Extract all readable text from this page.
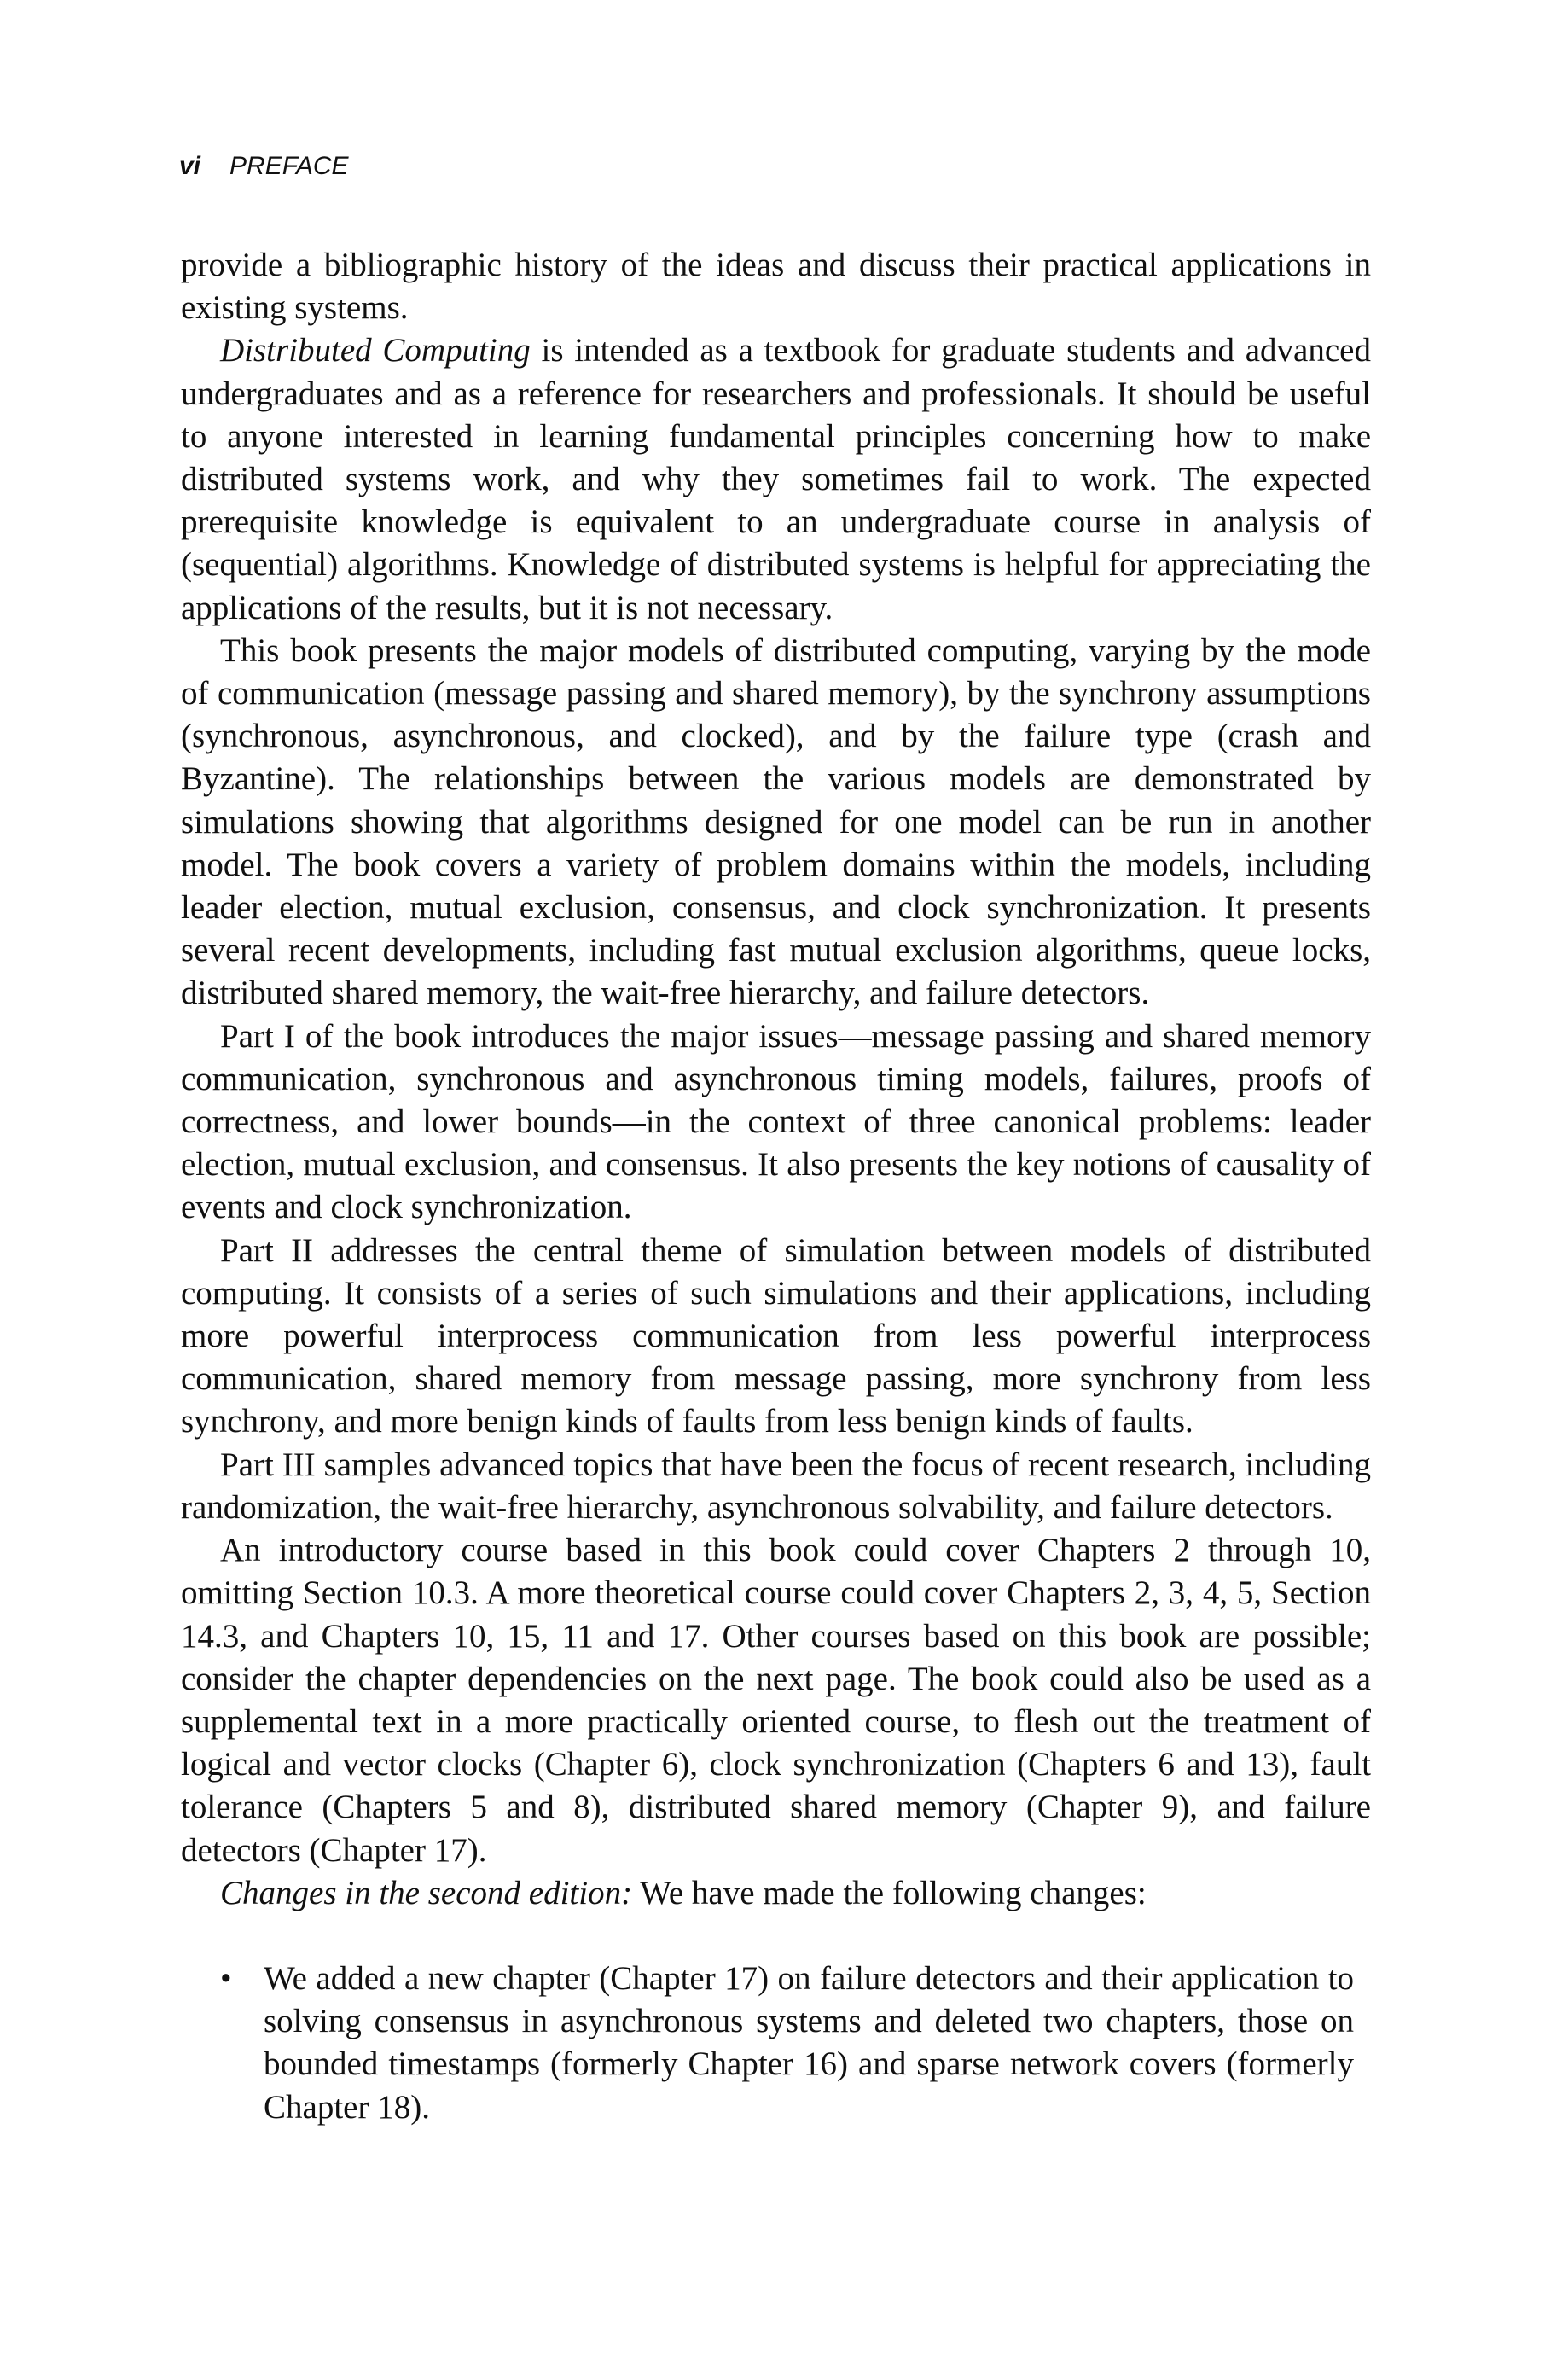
vi PREFACE

provide a bibliographic history of the ideas and discuss their practical applications in existing systems.

Distributed Computing is intended as a textbook for graduate students and advanced undergraduates and as a reference for researchers and professionals. It should be useful to anyone interested in learning fundamental principles concerning how to make distributed systems work, and why they sometimes fail to work. The expected prerequisite knowledge is equivalent to an undergraduate course in analysis of (sequential) algorithms. Knowledge of distributed systems is helpful for appreciating the applications of the results, but it is not necessary.

This book presents the major models of distributed computing, varying by the mode of communication (message passing and shared memory), by the synchrony assumptions (synchronous, asynchronous, and clocked), and by the failure type (crash and Byzantine). The relationships between the various models are demonstrated by simulations showing that algorithms designed for one model can be run in another model. The book covers a variety of problem domains within the models, including leader election, mutual exclusion, consensus, and clock synchronization. It presents several recent developments, including fast mutual exclusion algorithms, queue locks, distributed shared memory, the wait-free hierarchy, and failure detectors.

Part I of the book introduces the major issues—message passing and shared memory communication, synchronous and asynchronous timing models, failures, proofs of correctness, and lower bounds—in the context of three canonical problems: leader election, mutual exclusion, and consensus. It also presents the key notions of causality of events and clock synchronization.

Part II addresses the central theme of simulation between models of distributed computing. It consists of a series of such simulations and their applications, including more powerful interprocess communication from less powerful interprocess communication, shared memory from message passing, more synchrony from less synchrony, and more benign kinds of faults from less benign kinds of faults.

Part III samples advanced topics that have been the focus of recent research, including randomization, the wait-free hierarchy, asynchronous solvability, and failure detectors.

An introductory course based in this book could cover Chapters 2 through 10, omitting Section 10.3. A more theoretical course could cover Chapters 2, 3, 4, 5, Section 14.3, and Chapters 10, 15, 11 and 17. Other courses based on this book are possible; consider the chapter dependencies on the next page. The book could also be used as a supplemental text in a more practically oriented course, to flesh out the treatment of logical and vector clocks (Chapter 6), clock synchronization (Chapters 6 and 13), fault tolerance (Chapters 5 and 8), distributed shared memory (Chapter 9), and failure detectors (Chapter 17).

Changes in the second edition: We have made the following changes:

• We added a new chapter (Chapter 17) on failure detectors and their application to solving consensus in asynchronous systems and deleted two chapters, those on bounded timestamps (formerly Chapter 16) and sparse network covers (formerly Chapter 18).
